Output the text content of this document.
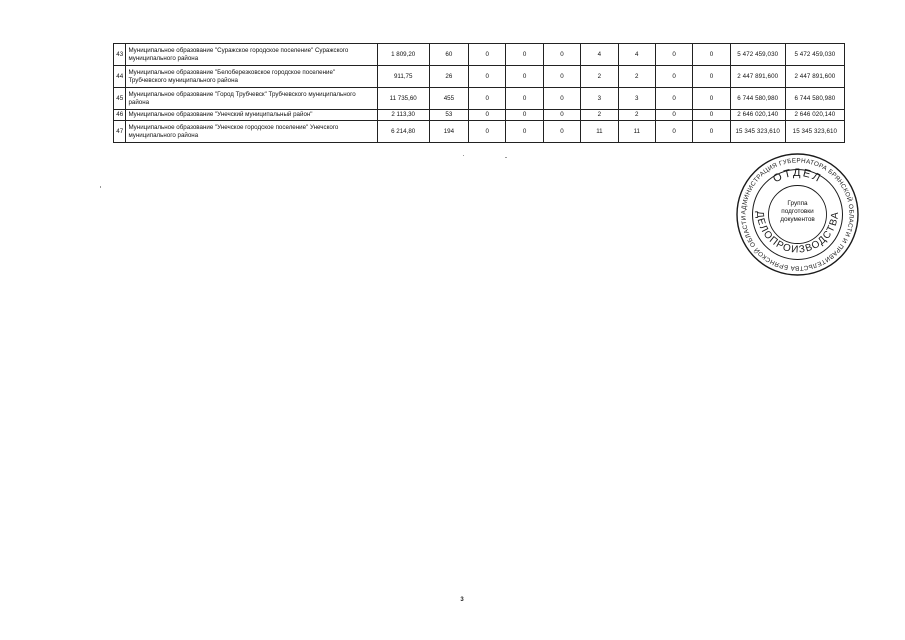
43	Муниципальное образование "Суражское городское поселение" Суражского муниципального района	1 809,20	60	0	0	0	4	4	0	0	5 472 459,030	5 472 459,030
44	Муниципальное образование "Белоберезковское городское поселение" Трубчевского муниципального района	911,75	26	0	0	0	2	2	0	0	2 447 891,600	2 447 891,600
45	Муниципальное образование "Город Трубчевск" Трубчевского муниципального района	11 735,60	455	0	0	0	3	3	0	0	6 744 580,980	6 744 580,980
46	Муниципальное образование "Унечский муниципальный район"	2 113,30	53	0	0	0	2	2	0	0	2 646 020,140	2 646 020,140
47	Муниципальное образование "Унечское городское поселение" Унечского муниципального района	6 214,80	194	0	0	0	11	11	0	0	15 345 323,610	15 345 323,610
АДМИНИСТРАЦИЯ ГУБЕРНАТОРА БРЯНСКОЙ ОБЛАСТИ И ПРАВИТЕЛЬСТВА БРЯНСКОЙ ОБЛАСТИ
ОТДЕЛ
ДЕЛОПРОИЗВОДСТВА
Группа
подготовки
документов
3
